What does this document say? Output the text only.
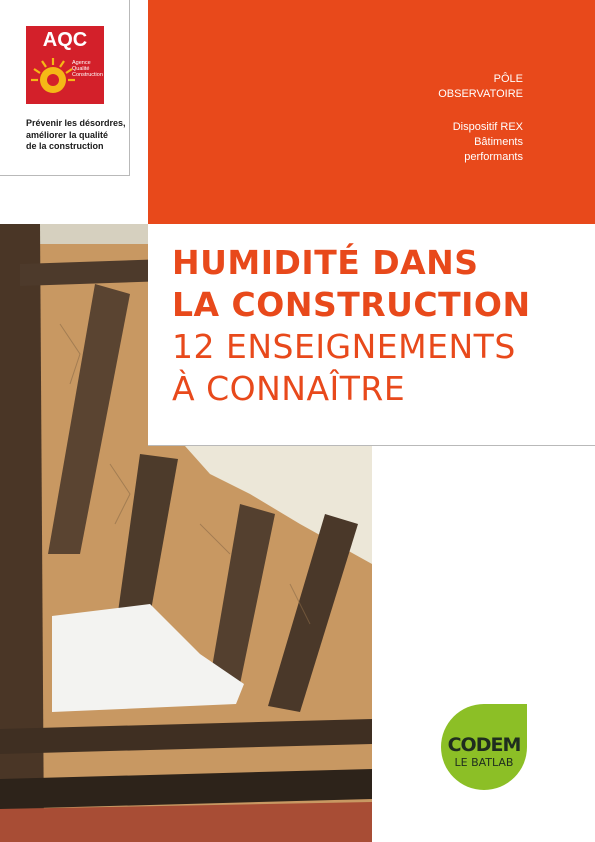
AQC
Agence
Qualité
Construction
Prévenir les désordres,
améliorer la qualité
de la construction
PÔLE
OBSERVATOIRE
Dispositif REX
Bâtiments
performants
HUMIDITÉ DANS
LA CONSTRUCTION
12 ENSEIGNEMENTS
À CONNAÎTRE
CODEM
LE BATLAB
